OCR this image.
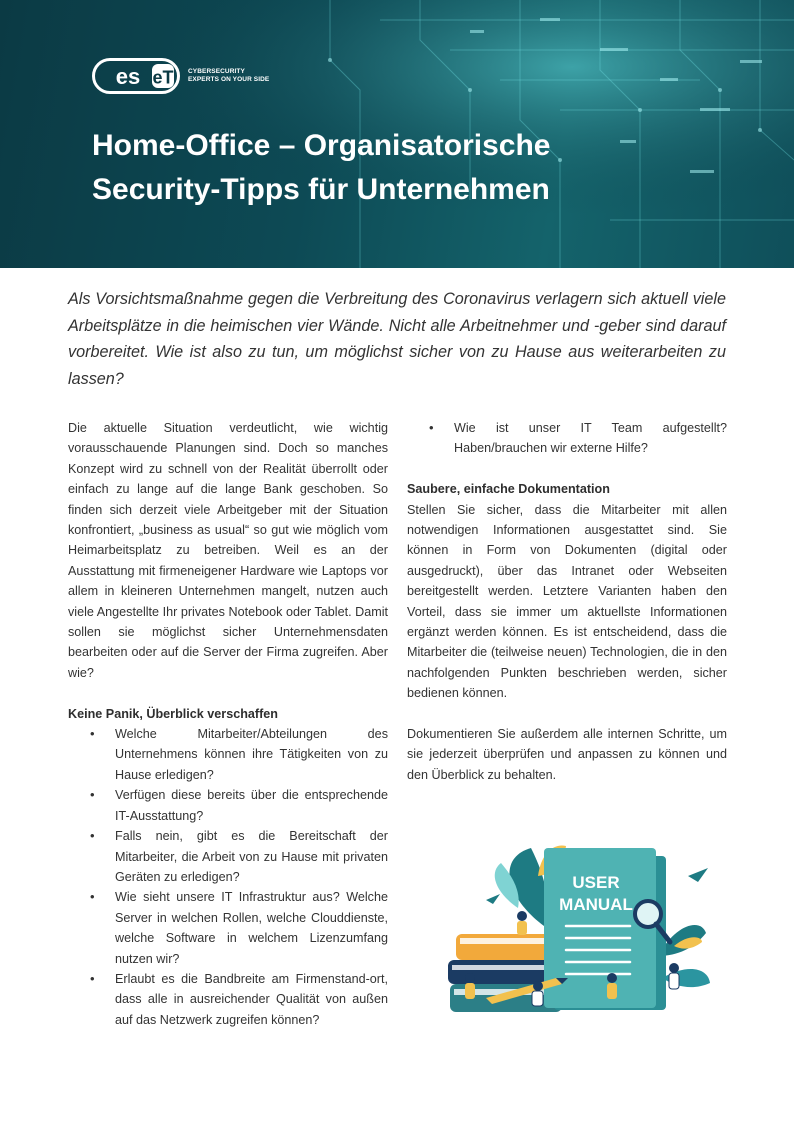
es eT CYBERSECURITY
EXPERTS ON YOUR SIDE
Home-Office – Organisatorische
Security-Tipps für Unternehmen

Als Vorsichtsmaßnahme gegen die Verbreitung des Coronavirus verlagern sich aktuell viele Arbeitsplätze in die heimischen vier Wände. Nicht alle Arbeitnehmer und -geber sind darauf vorbereitet. Wie ist also zu tun, um möglichst sicher von zu Hause aus weiterarbeiten zu lassen?

Die aktuelle Situation verdeutlicht, wie wichtig vorausschauende Planungen sind. Doch so manches Konzept wird zu schnell von der Realität überrollt oder einfach zu lange auf die lange Bank geschoben. So finden sich derzeit viele Arbeitgeber mit der Situation konfrontiert, „business as usual“ so gut wie möglich vom Heimarbeitsplatz zu betreiben. Weil es an der Ausstattung mit firmeneigener Hardware wie Laptops vor allem in kleineren Unternehmen mangelt, nutzen auch viele Angestellte Ihr privates Notebook oder Tablet. Damit sollen sie möglichst sicher Unternehmensdaten bearbeiten oder auf die Server der Firma zugreifen. Aber wie?

Keine Panik, Überblick verschaffen
• Welche Mitarbeiter/Abteilungen des Unternehmens können ihre Tätigkeiten von zu Hause erledigen?
• Verfügen diese bereits über die entsprechende IT-Ausstattung?
• Falls nein, gibt es die Bereitschaft der Mitarbeiter, die Arbeit von zu Hause mit privaten Geräten zu erledigen?
• Wie sieht unsere IT Infrastruktur aus? Welche Server in welchen Rollen, welche Clouddienste, welche Software in welchem Lizenzumfang nutzen wir?
• Erlaubt es die Bandbreite am Firmenstand-ort, dass alle in ausreichender Qualität von außen auf das Netzwerk zugreifen können?
• Wie ist unser IT Team aufgestellt? Haben/brauchen wir externe Hilfe?
Saubere, einfache Dokumentation

Stellen Sie sicher, dass die Mitarbeiter mit allen notwendigen Informationen ausgestattet sind. Sie können in Form von Dokumenten (digital oder ausgedruckt), über das Intranet oder Webseiten bereitgestellt werden. Letztere Varianten haben den Vorteil, dass sie immer um aktuellste Informationen ergänzt werden können. Es ist entscheidend, dass die Mitarbeiter die (teilweise neuen) Technologien, die in den nachfolgenden Punkten beschrieben werden, sicher bedienen können.

Dokumentieren Sie außerdem alle internen Schritte, um sie jederzeit überprüfen und anpassen zu können und den Überblick zu behalten.

USER
MANUAL
